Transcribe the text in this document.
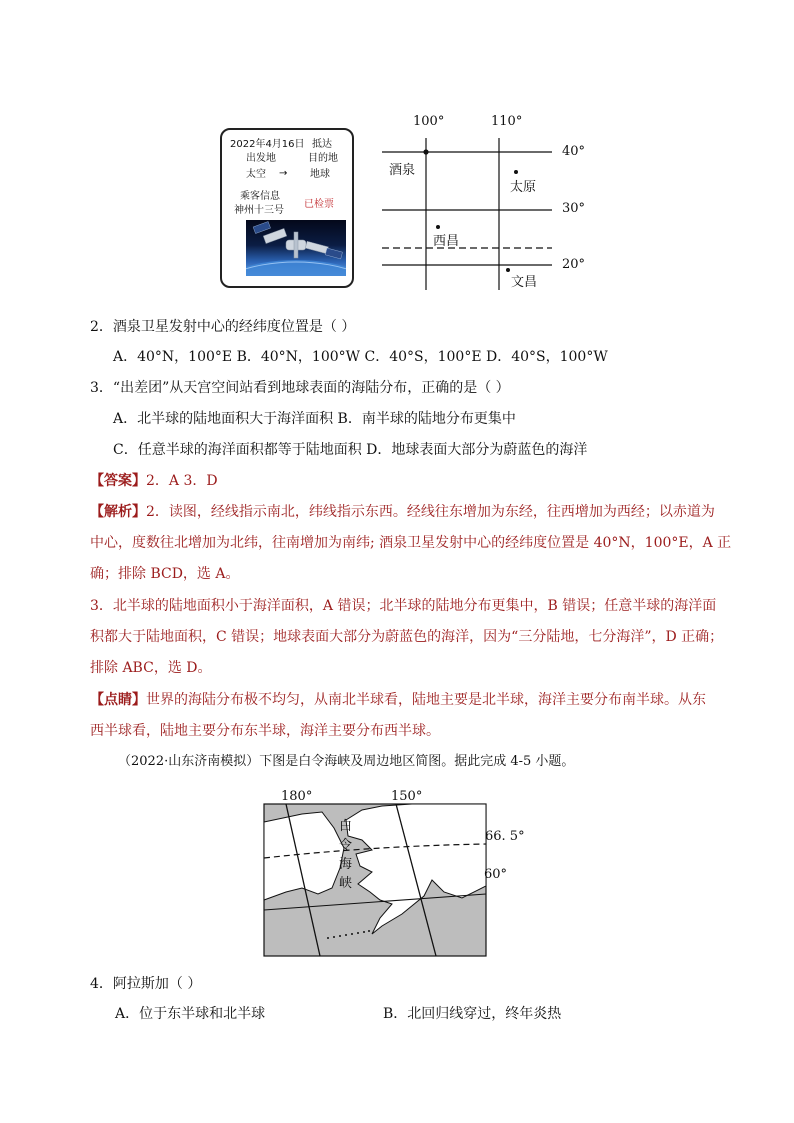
2022年4月16日 抵达
出发地	目的地
太空 → 地球
乘客信息
神州十三号
已检票
100°	110°
40°
30°
20°
酒泉
太原
西昌
文昌
2．酒泉卫星发射中心的经纬度位置是（ ）
A．40°N，100°E B．40°N，100°W C．40°S，100°E D．40°S，100°W
3．“出差团”从天宫空间站看到地球表面的海陆分布，正确的是（ ）
A．北半球的陆地面积大于海洋面积 B．南半球的陆地分布更集中
C．任意半球的海洋面积都等于陆地面积 D．地球表面大部分为蔚蓝色的海洋
【答案】2．A 3．D
【解析】2．读图，经线指示南北，纬线指示东西。经线往东增加为东经，往西增加为西经；以赤道为
中心，度数往北增加为北纬，往南增加为南纬; 酒泉卫星发射中心的经纬度位置是 40°N，100°E，A 正
确；排除 BCD，选 A。
3．北半球的陆地面积小于海洋面积，A 错误；北半球的陆地分布更集中，B 错误；任意半球的海洋面
积都大于陆地面积，C 错误；地球表面大部分为蔚蓝色的海洋，因为“三分陆地，七分海洋”，D 正确；
排除 ABC，选 D。
【点睛】世界的海陆分布极不均匀，从南北半球看，陆地主要是北半球，海洋主要分布南半球。从东
西半球看，陆地主要分布东半球，海洋主要分布西半球。
（2022·山东济南模拟）下图是白令海峡及周边地区简图。据此完成 4-5 小题。
180°	150°
66. 5°
60°
白
令
海
峡
4．阿拉斯加（ ）
A．位于东半球和北半球	B．北回归线穿过，终年炎热
